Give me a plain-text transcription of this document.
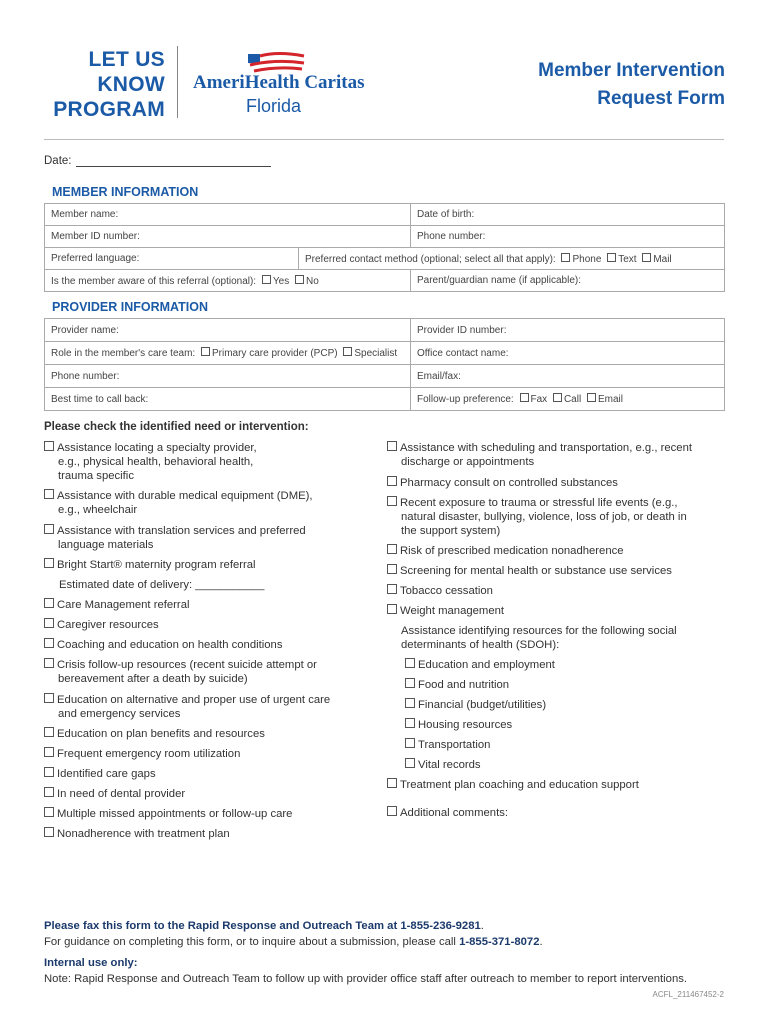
LET US
KNOW
PROGRAM
AmeriHealth Caritas
Florida
Member Intervention
Request Form
Date:
MEMBER INFORMATION
Member name:		Date of birth:
Member ID number:		Phone number:
Preferred language:	Preferred contact method (optional; select all that apply): Phone Text Mail	
Is the member aware of this referral (optional): Yes No		Parent/guardian name (if applicable):
PROVIDER INFORMATION
Provider name:	Provider ID number:
Role in the member's care team: Primary care provider (PCP) Specialist	Office contact name:
Phone number:	Email/fax:
Best time to call back:	Follow-up preference: Fax Call Email
Please check the identified need or intervention:
Assistance locating a specialty provider,
e.g., physical health, behavioral health,
trauma specific
Assistance with durable medical equipment (DME),
e.g., wheelchair
Assistance with translation services and preferred
language materials
Bright Start® maternity program referral
Estimated date of delivery: ___________
Care Management referral
Caregiver resources
Coaching and education on health conditions
Crisis follow-up resources (recent suicide attempt or
bereavement after a death by suicide)
Education on alternative and proper use of urgent care
and emergency services
Education on plan benefits and resources
Frequent emergency room utilization
Identified care gaps
In need of dental provider
Multiple missed appointments or follow-up care
Nonadherence with treatment plan
Assistance with scheduling and transportation, e.g., recent
discharge or appointments
Pharmacy consult on controlled substances
Recent exposure to trauma or stressful life events (e.g.,
natural disaster, bullying, violence, loss of job, or death in
the support system)
Risk of prescribed medication nonadherence
Screening for mental health or substance use services
Tobacco cessation
Weight management
Assistance identifying resources for the following social
determinants of health (SDOH):
Education and employment
Food and nutrition
Financial (budget/utilities)
Housing resources
Transportation
Vital records
Treatment plan coaching and education support
Additional comments:
Please fax this form to the Rapid Response and Outreach Team at 1-855-236-9281.
For guidance on completing this form, or to inquire about a submission, please call 1-855-371-8072.
Internal use only:
Note: Rapid Response and Outreach Team to follow up with provider office staff after outreach to member to report interventions.
ACFL_211467452-2
